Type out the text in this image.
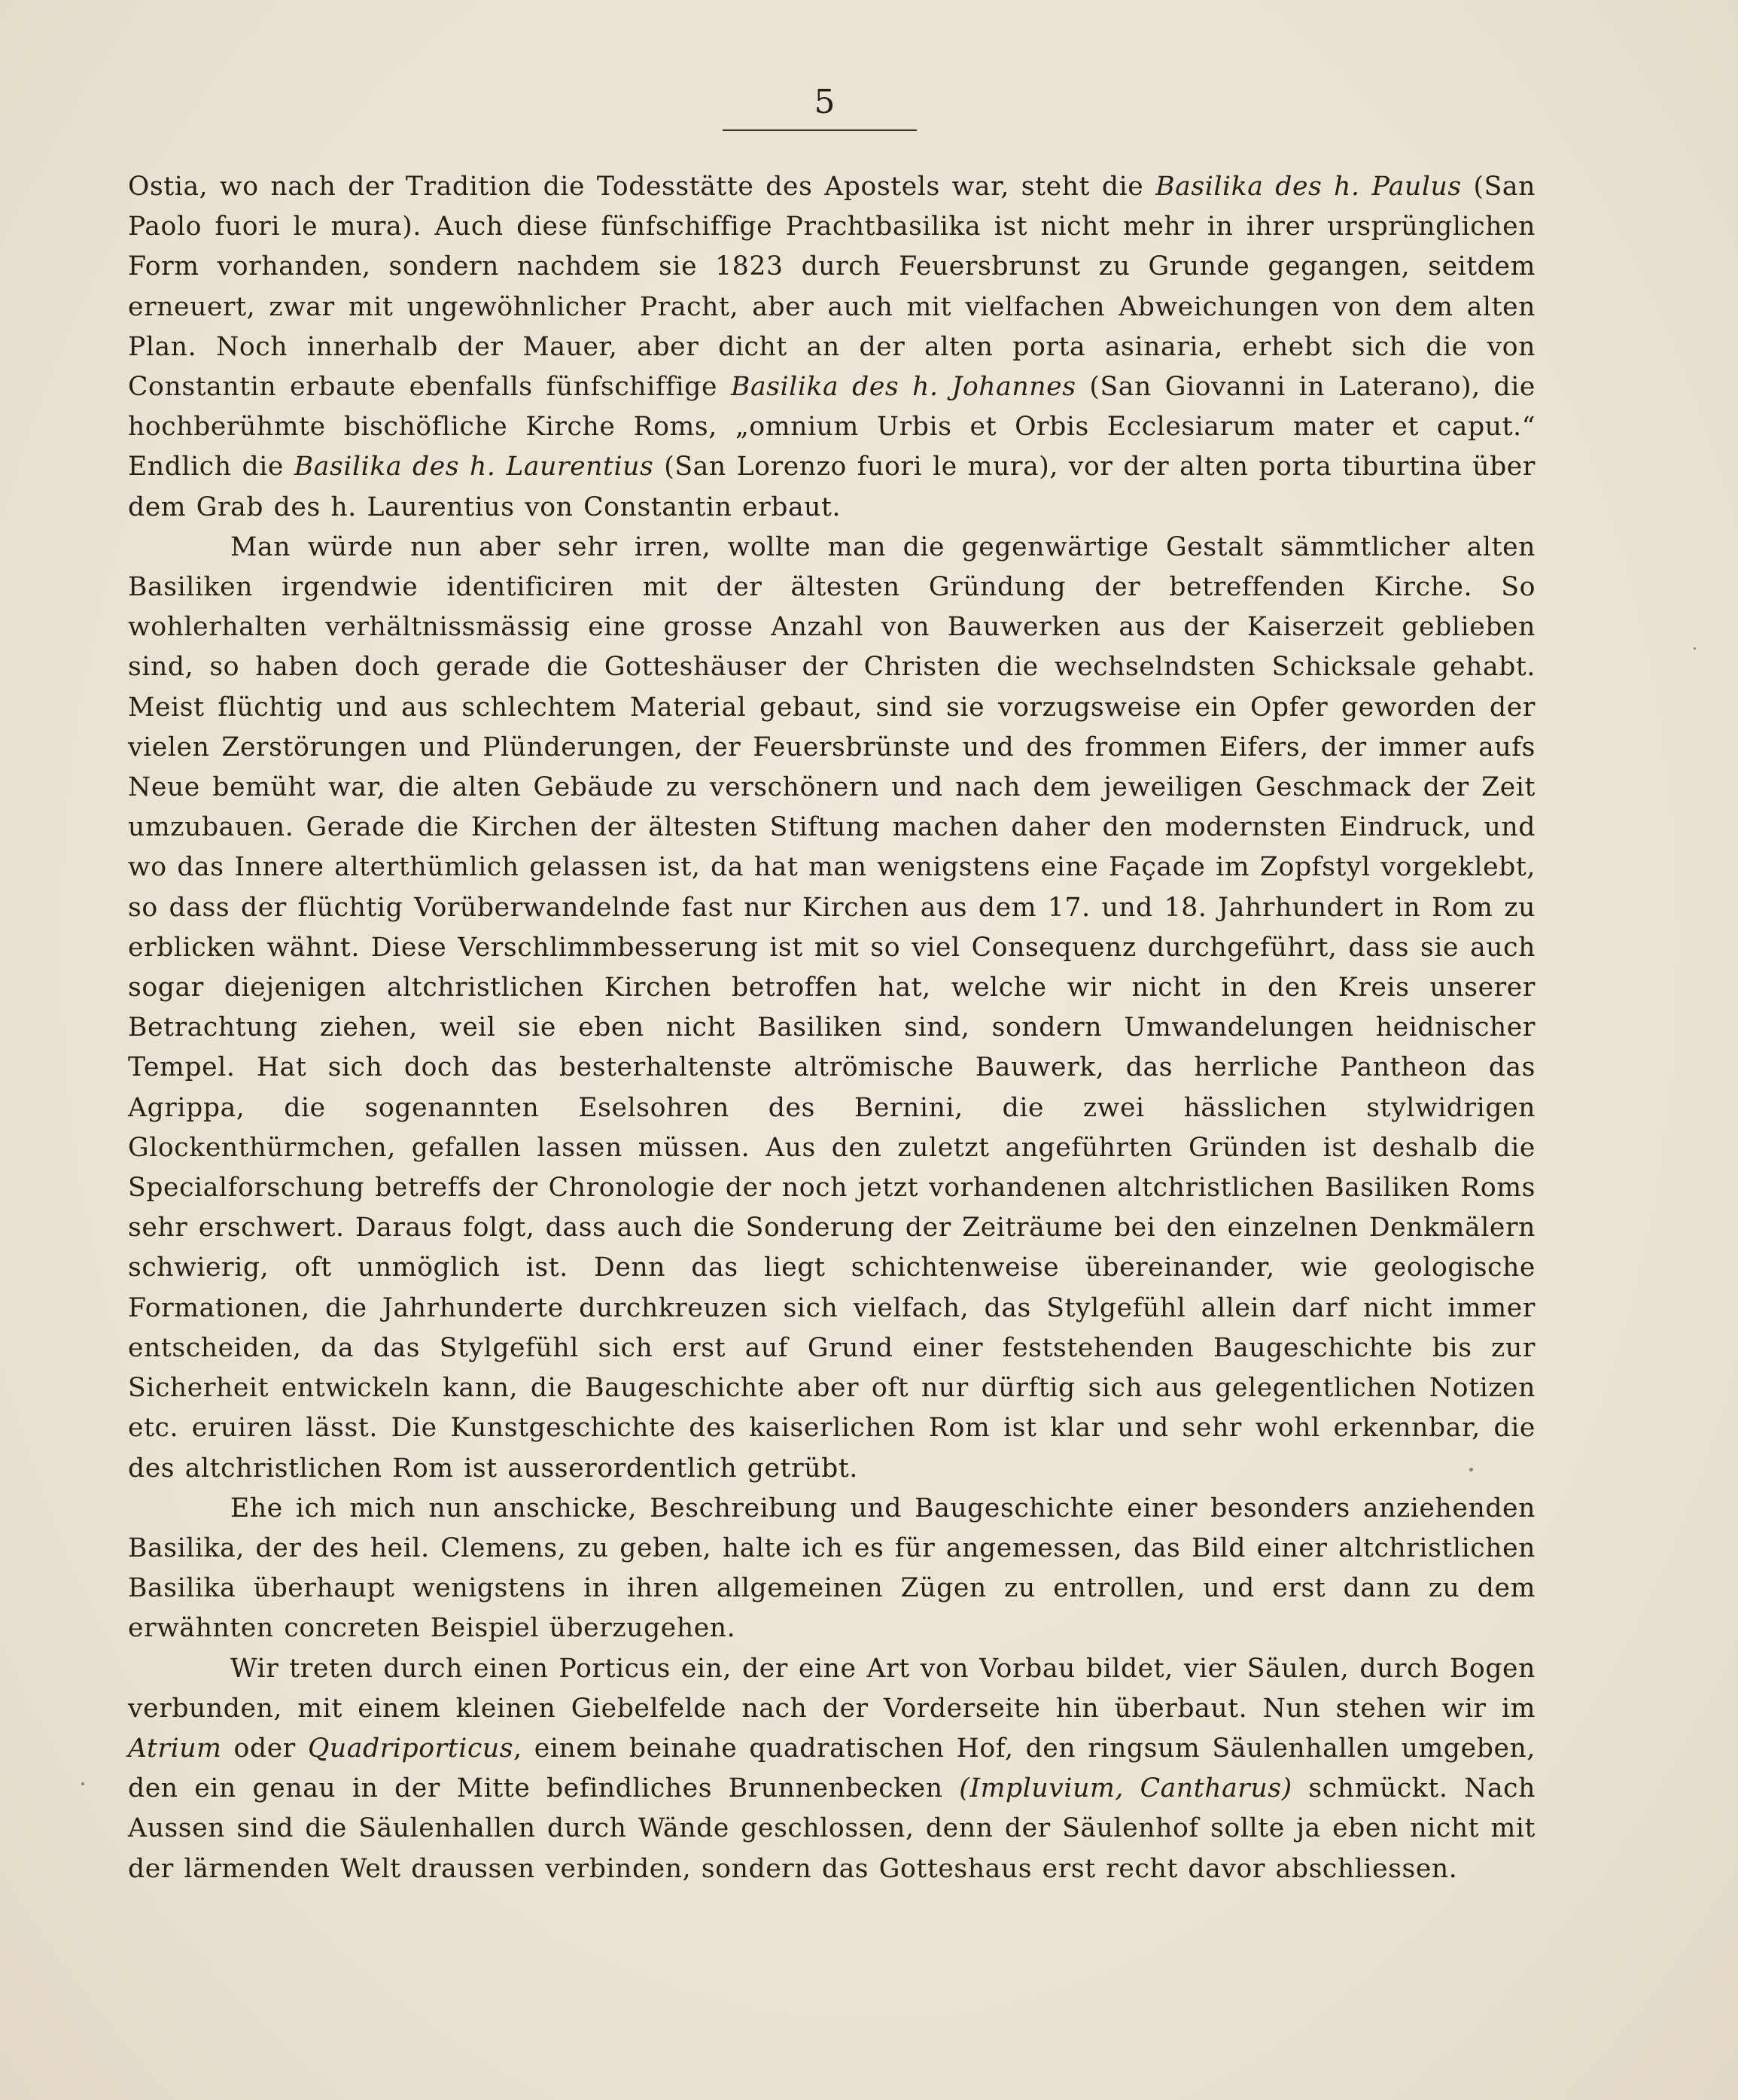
5

Ostia, wo nach der Tradition die Todesstätte des Apostels war, steht die Basilika des h. Paulus (San Paolo fuori le mura). Auch diese fünfschiffige Prachtbasilika ist nicht mehr in ihrer ursprünglichen Form vorhanden, sondern nachdem sie 1823 durch Feuersbrunst zu Grunde gegangen, seitdem erneuert, zwar mit ungewöhnlicher Pracht, aber auch mit vielfachen Abweichungen von dem alten Plan. Noch innerhalb der Mauer, aber dicht an der alten porta asinaria, erhebt sich die von Constantin erbaute ebenfalls fünfschiffige Basilika des h. Johannes (San Giovanni in Laterano), die hochberühmte bischöfliche Kirche Roms, „omnium Urbis et Orbis Ecclesiarum mater et caput.“ Endlich die Basilika des h. Laurentius (San Lorenzo fuori le mura), vor der alten porta tiburtina über dem Grab des h. Laurentius von Constantin erbaut.

Man würde nun aber sehr irren, wollte man die gegenwärtige Gestalt sämmtlicher alten Basiliken irgendwie identificiren mit der ältesten Gründung der betreffenden Kirche. So wohlerhalten verhältnissmässig eine grosse Anzahl von Bauwerken aus der Kaiserzeit geblieben sind, so haben doch gerade die Gotteshäuser der Christen die wechselndsten Schicksale gehabt. Meist flüchtig und aus schlechtem Material gebaut, sind sie vorzugsweise ein Opfer geworden der vielen Zerstörungen und Plünderungen, der Feuersbrünste und des frommen Eifers, der immer aufs Neue bemüht war, die alten Gebäude zu verschönern und nach dem jeweiligen Geschmack der Zeit umzubauen. Gerade die Kirchen der ältesten Stiftung machen daher den modernsten Eindruck, und wo das Innere alterthümlich gelassen ist, da hat man wenigstens eine Façade im Zopfstyl vorgeklebt, so dass der flüchtig Vorüberwandelnde fast nur Kirchen aus dem 17. und 18. Jahrhundert in Rom zu erblicken wähnt. Diese Verschlimmbesserung ist mit so viel Consequenz durchgeführt, dass sie auch sogar diejenigen altchristlichen Kirchen betroffen hat, welche wir nicht in den Kreis unserer Betrachtung ziehen, weil sie eben nicht Basiliken sind, sondern Umwandelungen heidnischer Tempel. Hat sich doch das besterhaltenste altrömische Bauwerk, das herrliche Pantheon das Agrippa, die sogenannten Eselsohren des Bernini, die zwei hässlichen stylwidrigen Glockenthürmchen, gefallen lassen müssen. Aus den zuletzt angeführten Gründen ist deshalb die Specialforschung betreffs der Chronologie der noch jetzt vorhandenen altchristlichen Basiliken Roms sehr erschwert. Daraus folgt, dass auch die Sonderung der Zeiträume bei den einzelnen Denkmälern schwierig, oft unmöglich ist. Denn das liegt schichtenweise übereinander, wie geologische Formationen, die Jahrhunderte durchkreuzen sich vielfach, das Stylgefühl allein darf nicht immer entscheiden, da das Stylgefühl sich erst auf Grund einer feststehenden Baugeschichte bis zur Sicherheit entwickeln kann, die Baugeschichte aber oft nur dürftig sich aus gelegentlichen Notizen etc. eruiren lässt. Die Kunstgeschichte des kaiserlichen Rom ist klar und sehr wohl erkennbar, die des altchristlichen Rom ist ausserordentlich getrübt.

Ehe ich mich nun anschicke, Beschreibung und Baugeschichte einer besonders anziehenden Basilika, der des heil. Clemens, zu geben, halte ich es für angemessen, das Bild einer altchristlichen Basilika überhaupt wenigstens in ihren allgemeinen Zügen zu entrollen, und erst dann zu dem erwähnten concreten Beispiel überzugehen.

Wir treten durch einen Porticus ein, der eine Art von Vorbau bildet, vier Säulen, durch Bogen verbunden, mit einem kleinen Giebelfelde nach der Vorderseite hin überbaut. Nun stehen wir im Atrium oder Quadriporticus, einem beinahe quadratischen Hof, den ringsum Säulenhallen umgeben, den ein genau in der Mitte befindliches Brunnenbecken (Impluvium, Cantharus) schmückt. Nach Aussen sind die Säulenhallen durch Wände geschlossen, denn der Säulenhof sollte ja eben nicht mit der lärmenden Welt draussen verbinden, sondern das Gotteshaus erst recht davor abschliessen.
